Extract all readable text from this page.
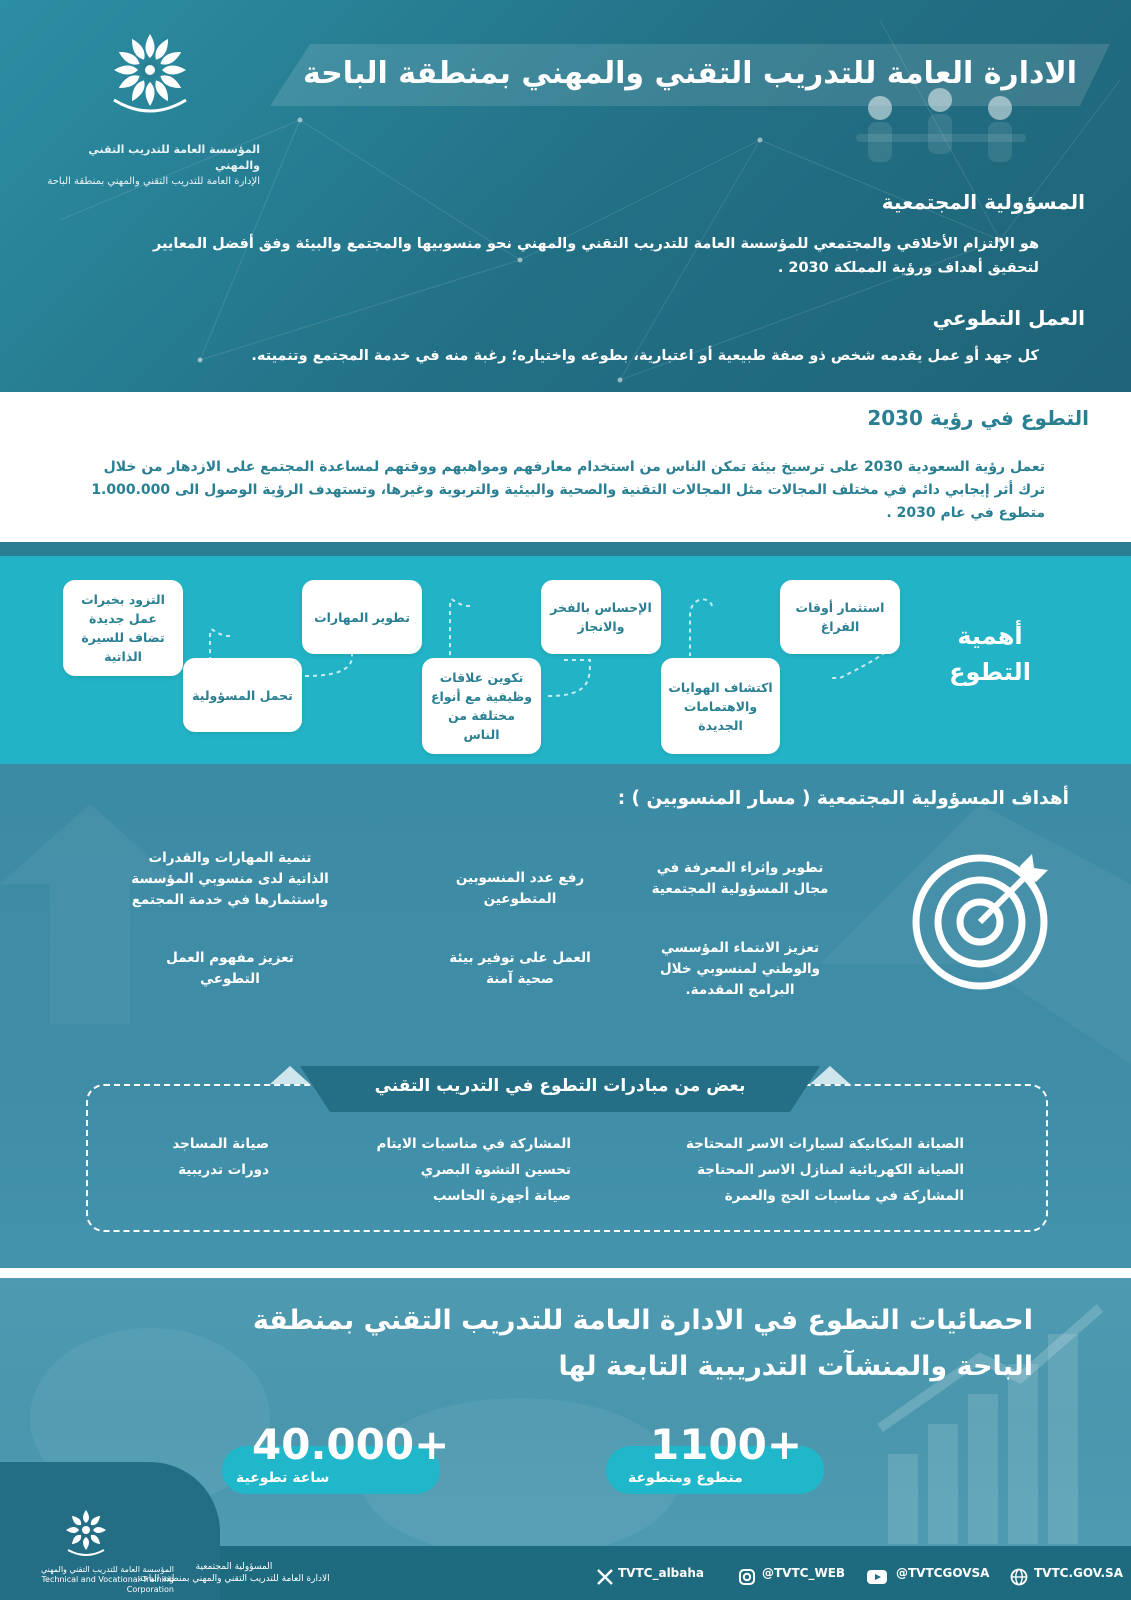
الادارة العامة للتدريب التقني والمهني بمنطقة الباحة
المؤسسة العامة للتدريب التقني والمهني
الإدارة العامة للتدريب التقني والمهني بمنطقة الباحة
المسؤولية المجتمعية
هو الإلتزام الأخلاقي والمجتمعي للمؤسسة العامة للتدريب التقني والمهني نحو منسوبيها والمجتمع والبيئة وفق أفضل المعايير لتحقيق أهداف ورؤية المملكة 2030 .
العمل التطوعي
كل جهد أو عمل يقدمه شخص ذو صفة طبيعية أو اعتبارية، بطوعه واختياره؛ رغبة منه في خدمة المجتمع وتنميته.
التطوع في رؤية 2030
تعمل رؤية السعودية 2030 على ترسيخ بيئة تمكن الناس من استخدام معارفهم ومواهبهم ووقتهم لمساعدة المجتمع على الازدهار من خلال ترك أثر إيجابي دائم في مختلف المجالات مثل المجالات التقنية والصحية والبيئية والتربوية وغيرها، وتستهدف الرؤية الوصول الى 1.000.000 متطوع في عام 2030 .
أهمية التطوع
استثمار أوقات الفراغ
اكتشاف الهوايات والاهتمامات الجديدة
الإحساس بالفخر والانجاز
تكوين علاقات وظيفية مع أنواع مختلفة من الناس
تطوير المهارات
تحمل المسؤولية
التزود بخبرات عمل جديدة تضاف للسيرة الذاتية
أهداف المسؤولية المجتمعية ( مسار المنسوبين ) :
تطوير وإثراء المعرفة في مجال المسؤولية المجتمعية
رفع عدد المنسوبين المتطوعين
تنمية المهارات والقدرات الذاتية لدى منسوبي المؤسسة واستثمارها في خدمة المجتمع
تعزيز الانتماء المؤسسي والوطني لمنسوبي خلال البرامج المقدمة.
العمل على توفير بيئة صحية آمنة
تعزيز مفهوم العمل التطوعي
بعض من مبادرات التطوع في التدريب التقني
الصيانة الميكانيكة لسيارات الاسر المحتاجة
الصيانة الكهربائية لمنازل الاسر المحتاجة
المشاركة في مناسبات الحج والعمرة
المشاركة في مناسبات الايتام
تحسين التشوة البصري
صيانة أجهزة الحاسب
صيانة المساجد
دورات تدريبية
احصائيات التطوع في الادارة العامة للتدريب التقني بمنطقة الباحة والمنشآت التدريبية التابعة لها
1100+
متطوع ومتطوعة
40.000+
ساعة تطوعية
المؤسسة العامة للتدريب التقني والمهني
Technical and Vocational Training Corporation
المسؤولية المجتمعية
الادارة العامة للتدريب التقني والمهني بمنطقة الباحة	TVTC_albaha	@TVTC_WEB	@TVTCGOVSA	TVTC.GOV.SA
